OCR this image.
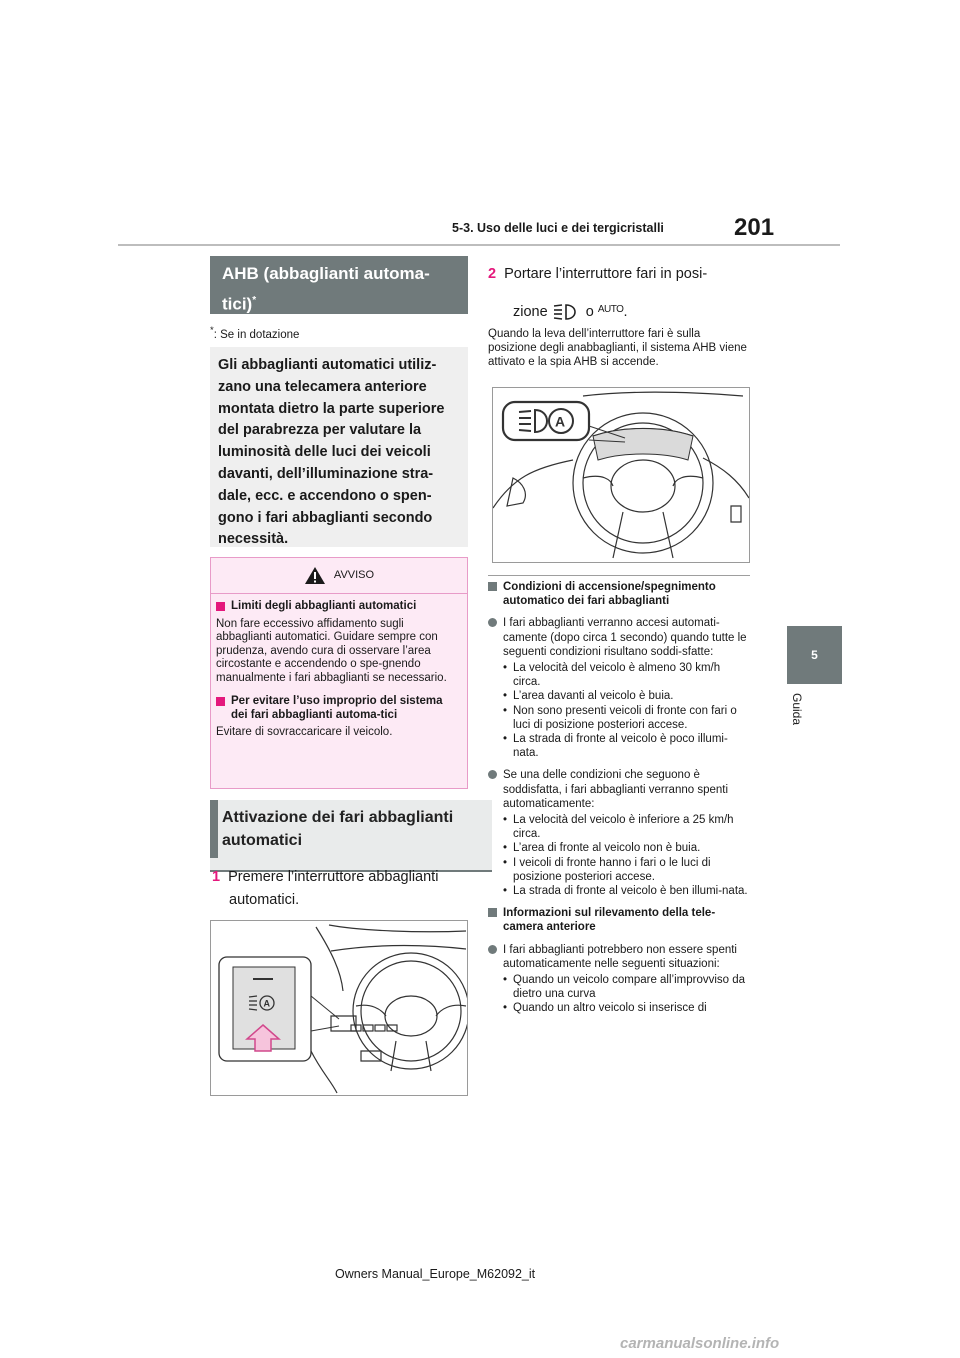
5-3. Uso delle luci e dei tergicristalli	201
5
Guida
AHB (abbaglianti automa-tici)*
*: Se in dotazione
Gli abbaglianti automatici utiliz-
zano una telecamera anteriore
montata dietro la parte superiore
del parabrezza per valutare la
luminosità delle luci dei veicoli
davanti, dell’illuminazione stra-
dale, ecc. e accendono o spen-
gono i fari abbaglianti secondo
necessità.
AVVISO
Limiti degli abbaglianti automatici
Non fare eccessivo affidamento sugli abbaglianti automatici. Guidare sempre con prudenza, avendo cura di osservare l’area circostante e accendendo o spe-gnendo manualmente i fari abbaglianti se necessario.
Per evitare l’uso improprio del sistema dei fari abbaglianti automa-tici
Evitare di sovraccaricare il veicolo.
Attivazione dei fari abbaglianti automatici
1 Premere l’interruttore abbaglianti
automatici.
A
2 Portare l’interruttore fari in posi-
zione	o $^{AUTO}$.
Quando la leva dell’interruttore fari è sulla posizione degli anabbaglianti, il sistema AHB viene attivato e la spia AHB si accende.
A
Condizioni di accensione/spegnimento automatico dei fari abbaglianti
I fari abbaglianti verranno accesi automati-camente (dopo circa 1 secondo) quando tutte le seguenti condizioni risultano soddi-sfatte:
• La velocità del veicolo è almeno 30 km/h circa.
• L’area davanti al veicolo è buia.
• Non sono presenti veicoli di fronte con fari o luci di posizione posteriori accese.
• La strada di fronte al veicolo è poco illumi-nata.
Se una delle condizioni che seguono è soddisfatta, i fari abbaglianti verranno spenti automaticamente:
• La velocità del veicolo è inferiore a 25 km/h circa.
• L’area di fronte al veicolo non è buia.
• I veicoli di fronte hanno i fari o le luci di posizione posteriori accese.
• La strada di fronte al veicolo è ben illumi-nata.
Informazioni sul rilevamento della tele-camera anteriore
I fari abbaglianti potrebbero non essere spenti automaticamente nelle seguenti situazioni:
• Quando un veicolo compare all’improvviso da dietro una curva
• Quando un altro veicolo si inserisce di
Owners Manual_Europe_M62092_it
carmanualsonline.info
